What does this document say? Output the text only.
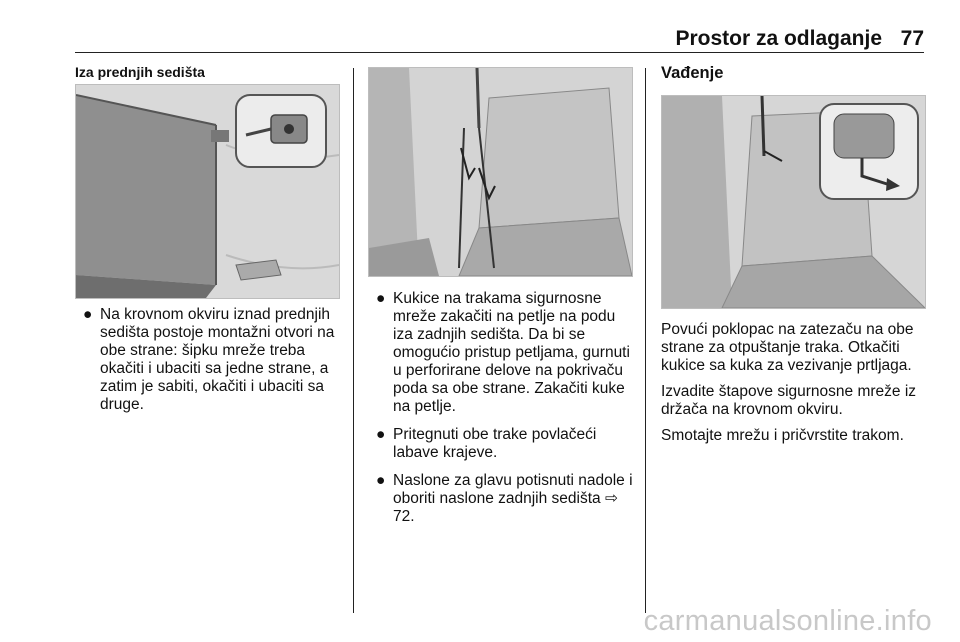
Prostor za odlaganje 77
Iza prednjih sedišta
● Na krovnom okviru iznad prednjih sedišta postoje montažni otvori na obe strane: šipku mreže treba okačiti i ubaciti sa jedne strane, a zatim je sabiti, okačiti i ubaciti sa druge.
● Kukice na trakama sigurnosne mreže zakačiti na petlje na podu iza zadnjih sedišta. Da bi se omogućio pristup petljama, gurnuti u perforirane delove na pokrivaču poda sa obe strane. Zakačiti kuke na petlje.
● Pritegnuti obe trake povlačeći labave krajeve.
● Naslone za glavu potisnuti nadole i oboriti naslone zadnjih sedišta ⇨ 72.
Vađenje

Povući poklopac na zatezaču na obe strane za otpuštanje traka. Otkačiti kukice sa kuka za vezivanje prtljaga.

Izvadite štapove sigurnosne mreže iz držača na krovnom okviru.

Smotajte mrežu i pričvrstite trakom.

carmanualsonline.info
